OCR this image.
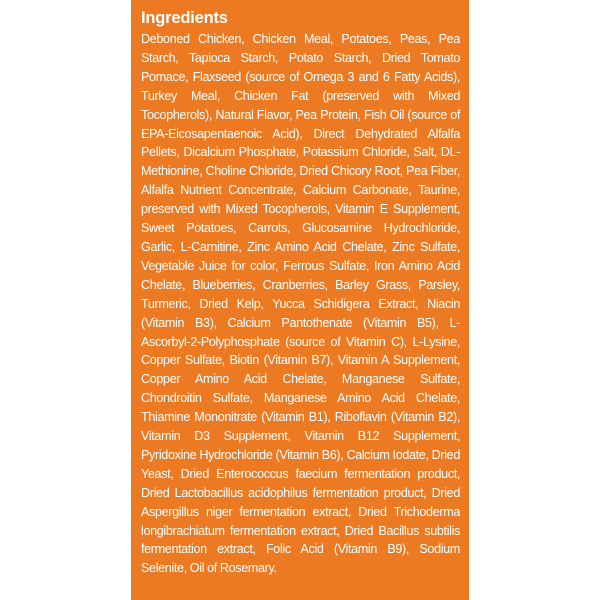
Ingredients

Deboned Chicken, Chicken Meal, Potatoes, Peas, Pea Starch, Tapioca Starch, Potato Starch, Dried Tomato Pomace, Flaxseed (source of Omega 3 and 6 Fatty Acids), Turkey Meal, Chicken Fat (preserved with Mixed Tocopherols), Natural Flavor, Pea Protein, Fish Oil (source of EPA-Eicosapentaenoic Acid), Direct Dehydrated Alfalfa Pellets, Dicalcium Phosphate, Potassium Chloride, Salt, DL-Methionine, Choline Chloride, Dried Chicory Root, Pea Fiber, Alfalfa Nutrient Concentrate, Calcium Carbonate, Taurine, preserved with Mixed Tocopherols, Vitamin E Supplement, Sweet Potatoes, Carrots, Glucosamine Hydrochloride, Garlic, L-Carnitine, Zinc Amino Acid Chelate, Zinc Sulfate, Vegetable Juice for color, Ferrous Sulfate, Iron Amino Acid Chelate, Blueberries, Cranberries, Barley Grass, Parsley, Turmeric, Dried Kelp, Yucca Schidigera Extract, Niacin (Vitamin B3), Calcium Pantothenate (Vitamin B5), L-Ascorbyl-2-Polyphosphate (source of Vitamin C), L-Lysine, Copper Sulfate, Biotin (Vitamin B7), Vitamin A Supplement, Copper Amino Acid Chelate, Manganese Sulfate, Chondroitin Sulfate, Manganese Amino Acid Chelate, Thiamine Mononitrate (Vitamin B1), Riboflavin (Vitamin B2), Vitamin D3 Supplement, Vitamin B12 Supplement, Pyridoxine Hydrochloride (Vitamin B6), Calcium Iodate, Dried Yeast, Dried Enterococcus faecium fermentation product, Dried Lactobacillus acidophilus fermentation product, Dried Aspergillus niger fermentation extract, Dried Trichoderma longibrachiatum fermentation extract, Dried Bacillus subtilis fermentation extract, Folic Acid (Vitamin B9), Sodium Selenite, Oil of Rosemary.
